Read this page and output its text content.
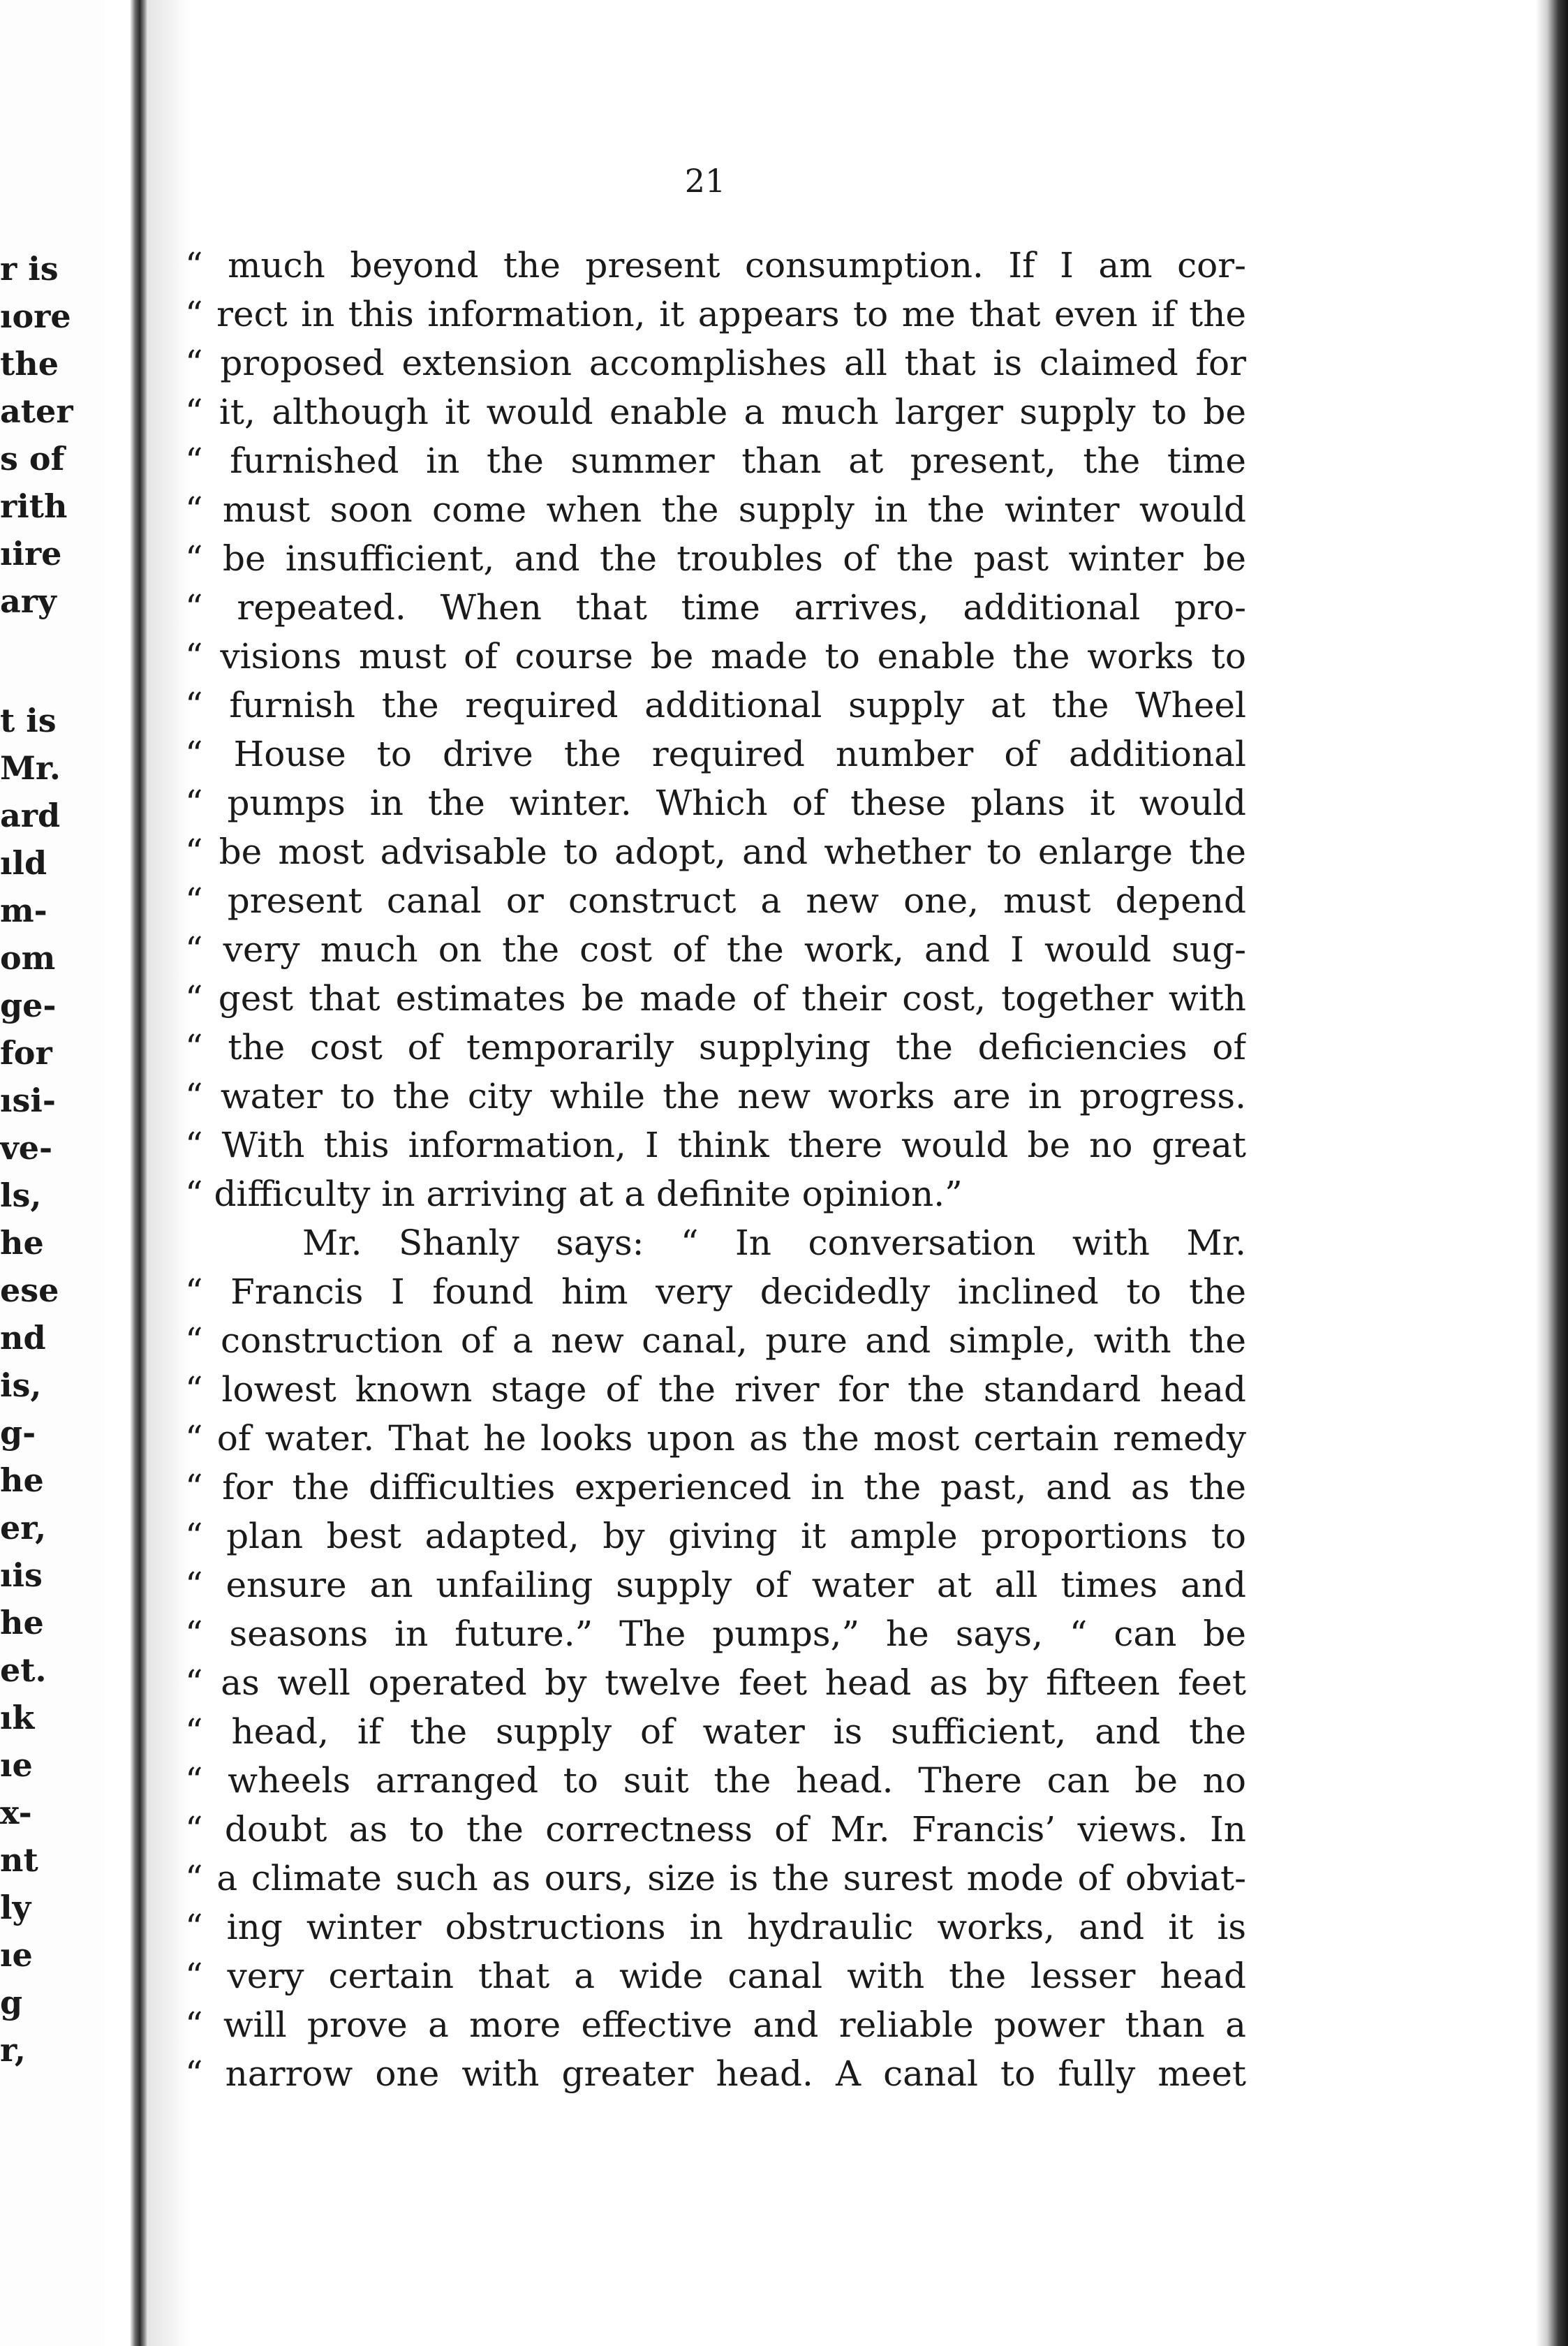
r is
ıore
the
ater
s of
rith
ıire
ary
t is
Mr.
ard
ıld
m-
om
ge-
for
ısi-
ve-
ls,
he
ese
nd
is,
g-
he
er,
ıis
he
et.
ık
ıe
x-
nt
ly
ıe
g
r,
21
“ much beyond the present consumption. If I am cor-
“ rect in this information, it appears to me that even if the
“ proposed extension accomplishes all that is claimed for
“ it, although it would enable a much larger supply to be
“ furnished in the summer than at present, the time
“ must soon come when the supply in the winter would
“ be insufficient, and the troubles of the past winter be
“ repeated. When that time arrives, additional pro-
“ visions must of course be made to enable the works to
“ furnish the required additional supply at the Wheel
“ House to drive the required number of additional
“ pumps in the winter. Which of these plans it would
“ be most advisable to adopt, and whether to enlarge the
“ present canal or construct a new one, must depend
“ very much on the cost of the work, and I would sug-
“ gest that estimates be made of their cost, together with
“ the cost of temporarily supplying the deficiencies of
“ water to the city while the new works are in progress.
“ With this information, I think there would be no great
“ difficulty in arriving at a definite opinion.”
Mr. Shanly says: “ In conversation with Mr.
“ Francis I found him very decidedly inclined to the
“ construction of a new canal, pure and simple, with the
“ lowest known stage of the river for the standard head
“ of water. That he looks upon as the most certain remedy
“ for the difficulties experienced in the past, and as the
“ plan best adapted, by giving it ample proportions to
“ ensure an unfailing supply of water at all times and
“ seasons in future.” The pumps,” he says, “ can be
“ as well operated by twelve feet head as by fifteen feet
“ head, if the supply of water is sufficient, and the
“ wheels arranged to suit the head. There can be no
“ doubt as to the correctness of Mr. Francis’ views. In
“ a climate such as ours, size is the surest mode of obviat-
“ ing winter obstructions in hydraulic works, and it is
“ very certain that a wide canal with the lesser head
“ will prove a more effective and reliable power than a
“ narrow one with greater head. A canal to fully meet
